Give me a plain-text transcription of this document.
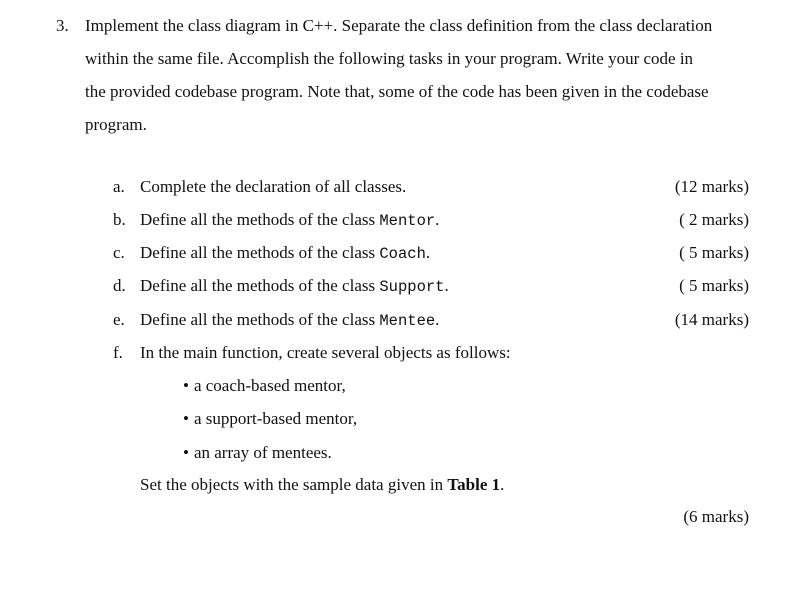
3. Implement the class diagram in C++. Separate the class definition from the class declaration
within the same file. Accomplish the following tasks in your program. Write your code in
the provided codebase program. Note that, some of the code has been given in the codebase
program.
a. Complete the declaration of all classes.	(12 marks)
b. Define all the methods of the class Mentor.	( 2 marks)
c. Define all the methods of the class Coach.	( 5 marks)
d. Define all the methods of the class Support.	( 5 marks)
e. Define all the methods of the class Mentee.	(14 marks)
f. In the main function, create several objects as follows:
• a coach-based mentor,
• a support-based mentor,
• an array of mentees.
Set the objects with the sample data given in Table 1.
(6 marks)
